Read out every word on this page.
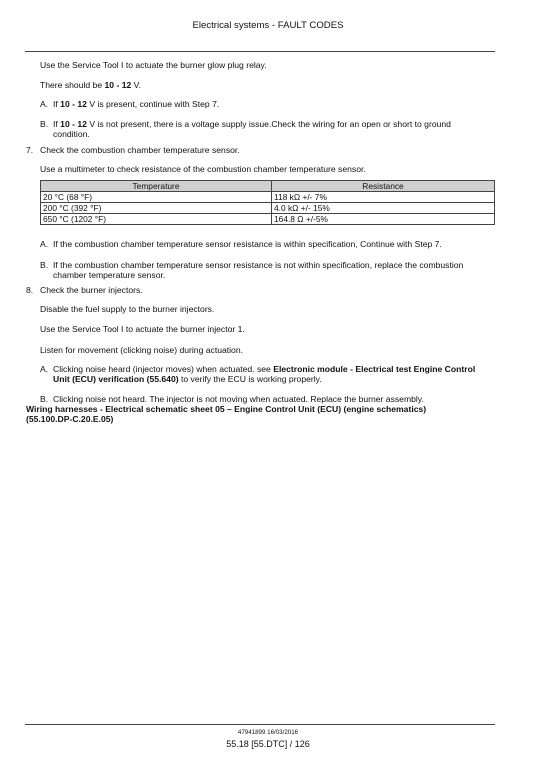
Electrical systems - FAULT CODES
Use the Service Tool I to actuate the burner glow plug relay.
There should be 10 - 12 V.
A. If 10 - 12 V is present, continue with Step 7.
B. If 10 - 12 V is not present, there is a voltage supply issue.Check the wiring for an open or short to ground
condition.
7. Check the combustion chamber temperature sensor.
Use a multimeter to check resistance of the combustion chamber temperature sensor.
Temperature	Resistance
20 °C (68 °F)	118 kΩ +/- 7%
200 °C (392 °F)	4.0 kΩ +/- 15%
650 °C (1202 °F)	164.8 Ω +/-5%
A. If the combustion chamber temperature sensor resistance is within specification, Continue with Step 7.
B. If the combustion chamber temperature sensor resistance is not within specification, replace the combustion
chamber temperature sensor.
8. Check the burner injectors.
Disable the fuel supply to the burner injectors.
Use the Service Tool I to actuate the burner injector 1.
Listen for movement (clicking noise) during actuation.
A. Clicking noise heard (injector moves) when actuated. see Electronic module - Electrical test Engine Control
Unit (ECU) verification (55.640) to verify the ECU is working properly.
B. Clicking noise not heard. The injector is not moving when actuated. Replace the burner assembly.
Wiring harnesses - Electrical schematic sheet 05 – Engine Control Unit (ECU) (engine schematics)
(55.100.DP-C.20.E.05)
47941899 16/03/2016
55.18 [55.DTC] / 126
